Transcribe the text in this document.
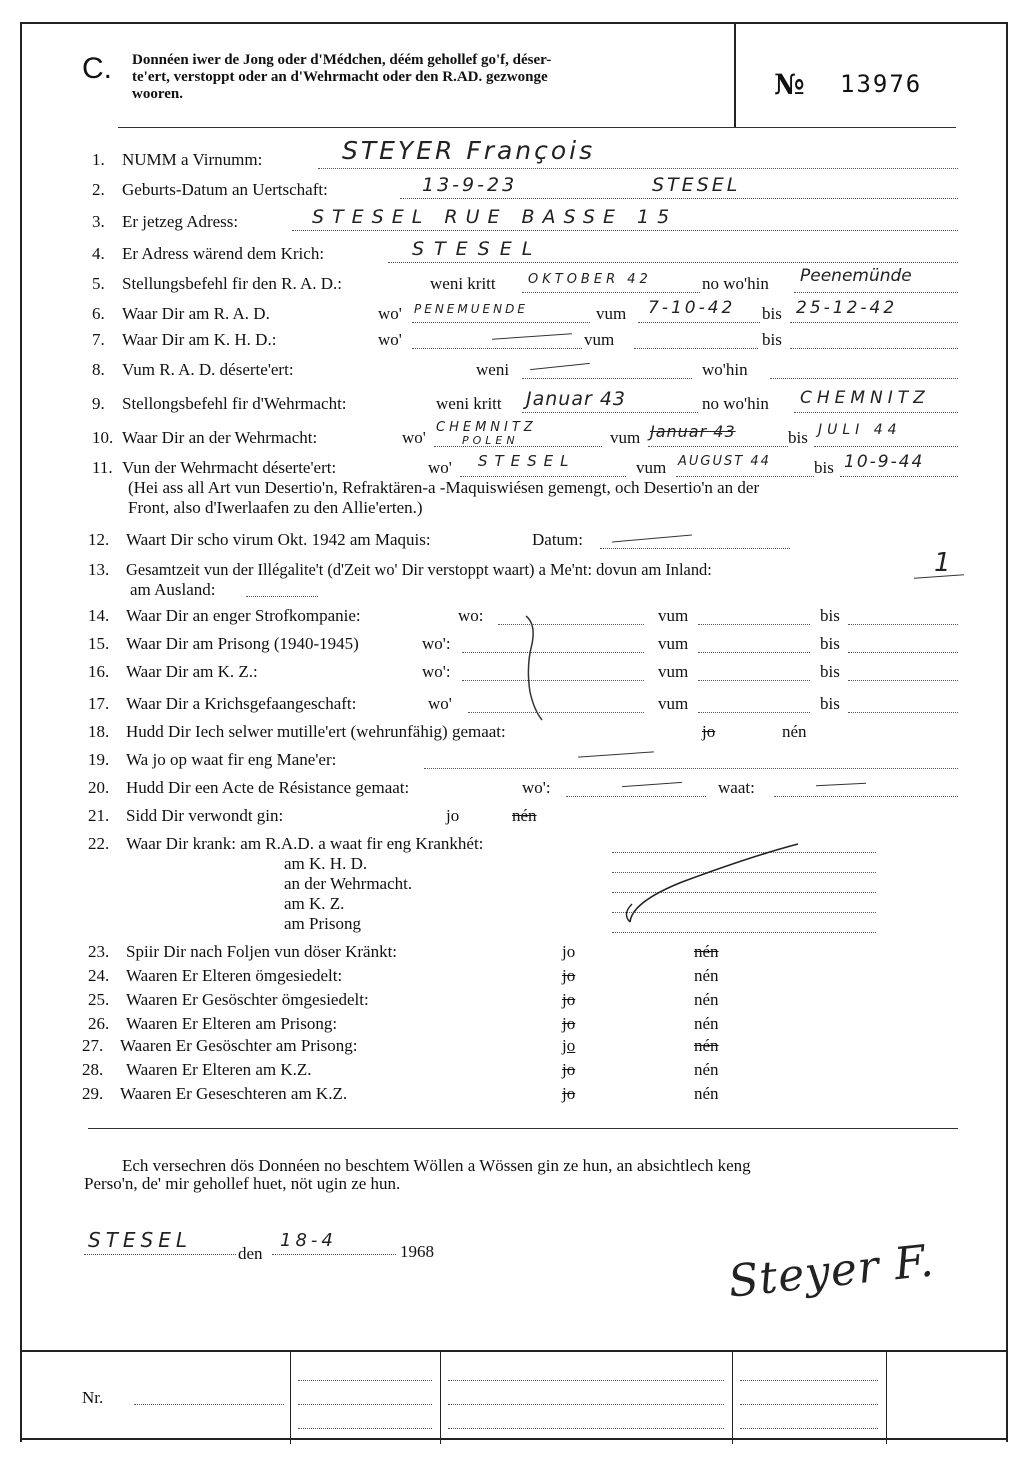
C. Donnéen iwer de Jong oder d'Médchen, déém gehollef go'f, déser-
te'ert, verstoppt oder an d'Wehrmacht oder den R.AD. gezwonge
wooren.	№ 13976
1. NUMM a Virnumm:	STEYER François
2. Geburts-Datum an Uertschaft:	13-9-23	STESEL
3. Er jetzeg Adress:	STESEL RUE BASSE 15
4. Er Adress wärend dem Krich:	STESEL
5. Stellungsbefehl fir den R. A. D.:	weni kritt OKTOBER 42	no wo'hin Peenemünde
6. Waar Dir am R. A. D.	wo' PENEMUENDE	vum 7-10-42 bis 25-12-42
7. Waar Dir am K. H. D.:	wo'	vum	bis
8. Vum R. A. D. déserte'ert:	weni	wo'hin
9. Stellongsbefehl fir d'Wehrmacht:	weni kritt Januar 43	no wo'hin CHEMNITZ
10. Waar Dir an der Wehrmacht:	wo'
CHEMNITZ
POLEN	vum Januar 43	bis JULI 44
11. Vun der Wehrmacht déserte'ert:	wo' STESEL	vum AUGUST 44	bis 10-9-44
(Hei ass all Art vun Desertio'n, Refraktären-a -Maquiswiésen gemengt, och Desertio'n an der
Front, also d'Iwerlaafen zu den Allie'erten.)
12. Waart Dir scho virum Okt. 1942 am Maquis:	Datum:
13. Gesamtzeit vun der Illégalite't (d'Zeit wo' Dir verstoppt waart) a Me'nt: dovun am Inland:	1
am Ausland:
14. Waar Dir an enger Strofkompanie:	wo:	vum	bis
15. Waar Dir am Prisong (1940-1945)	wo':	vum	bis
16. Waar Dir am K. Z.:	wo':	vum	bis
17. Waar Dir a Krichsgefaangeschaft:	wo'	vum	bis
18. Hudd Dir Iech selwer mutille'ert (wehrunfähig) gemaat:	jo	nén
19. Wa jo op waat fir eng Mane'er:
20. Hudd Dir een Acte de Résistance gemaat:	wo':	waat:
21. Sidd Dir verwondt gin:	jo	nén
22. Waar Dir krank: am R.A.D. a waat fir eng Krankhét:
am K. H. D.
an der Wehrmacht.
am K. Z.
am Prisong
23. Spiir Dir nach Foljen vun döser Kränkt:	jo	nén
24. Waaren Er Elteren ömgesiedelt:	jo	nén
25. Waaren Er Gesöschter ömgesiedelt:	jo	nén
26. Waaren Er Elteren am Prisong:	jo	nén
27. Waaren Er Gesöschter am Prisong:	jo	nén
28. Waaren Er Elteren am K.Z.	jo	nén
29. Waaren Er Geseschteren am K.Z.	jo	nén
Ech versechren dös Donnéen no beschtem Wöllen a Wössen gin ze hun, an absichtlech keng
Perso'n, de' mir gehollef huet, nöt ugin ze hun.
STESEL
den
18-4
1968	Steyer F.
Nr.
